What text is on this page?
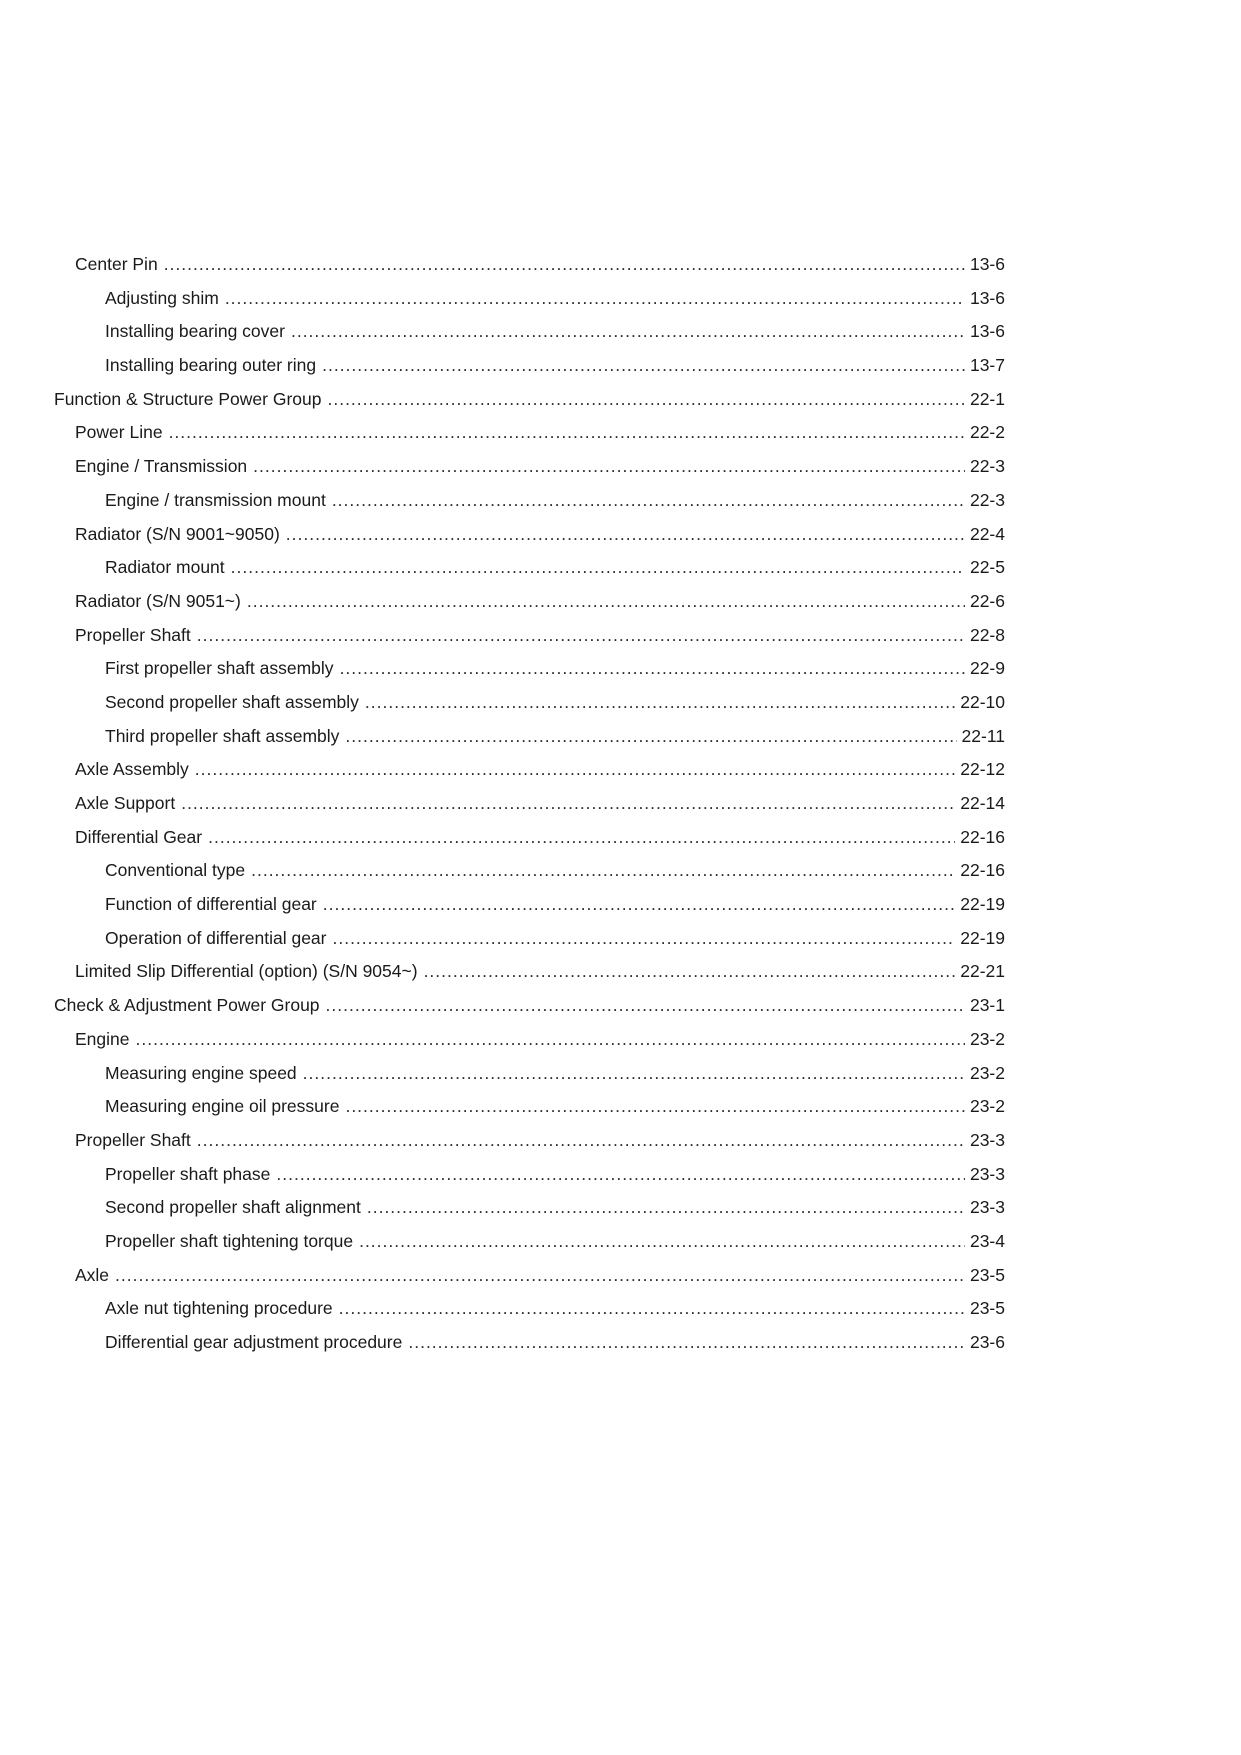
Center Pin .....	13-6
Adjusting shim .....	13-6
Installing bearing cover .....	13-6
Installing bearing outer ring .....	13-7
Function & Structure Power Group .....	22-1
Power Line .....	22-2
Engine / Transmission .....	22-3
Engine / transmission mount .....	22-3
Radiator (S/N 9001~9050) .....	22-4
Radiator mount .....	22-5
Radiator (S/N 9051~) .....	22-6
Propeller Shaft .....	22-8
First propeller shaft assembly .....	22-9
Second propeller shaft assembly .....	22-10
Third propeller shaft assembly .....	22-11
Axle Assembly .....	22-12
Axle Support .....	22-14
Differential Gear .....	22-16
Conventional type .....	22-16
Function of differential gear .....	22-19
Operation of differential gear .....	22-19
Limited Slip Differential (option) (S/N 9054~) .....	22-21
Check & Adjustment Power Group .....	23-1
Engine .....	23-2
Measuring engine speed .....	23-2
Measuring engine oil pressure .....	23-2
Propeller Shaft .....	23-3
Propeller shaft phase .....	23-3
Second propeller shaft alignment .....	23-3
Propeller shaft tightening torque .....	23-4
Axle .....	23-5
Axle nut tightening procedure .....	23-5
Differential gear adjustment procedure .....	23-6
